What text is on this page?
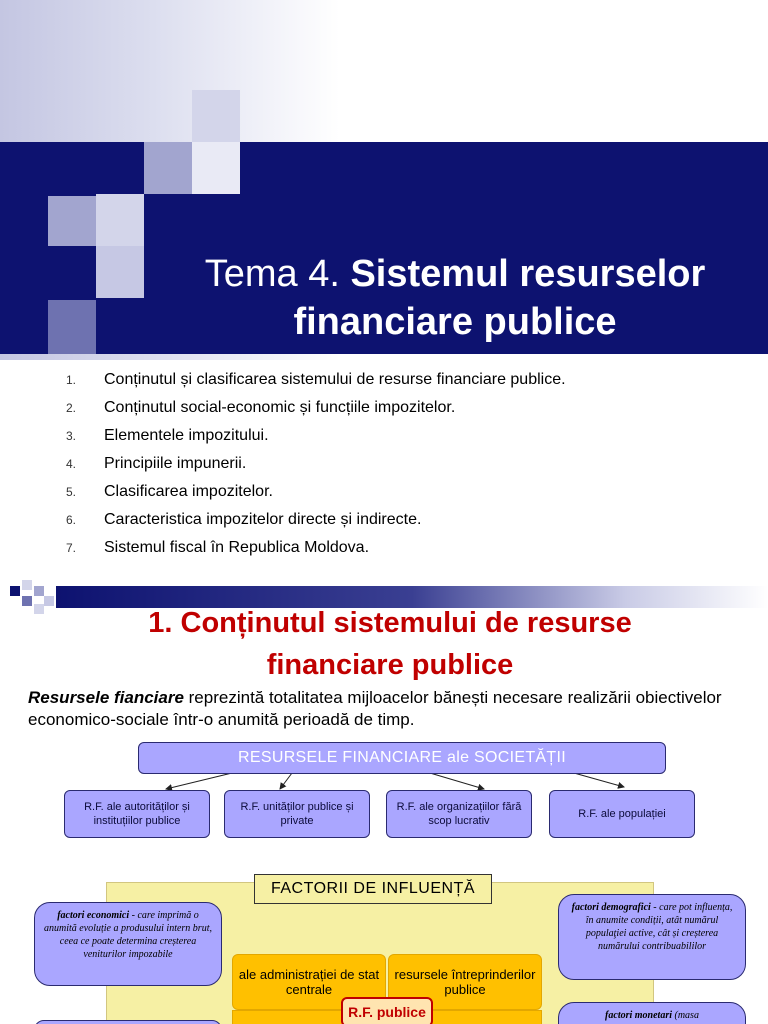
Tema 4. Sistemul resurselor
financiare publice
1.	Conținutul și clasificarea sistemului de resurse financiare publice.
2.	Conținutul social-economic și funcțiile impozitelor.
3.	Elementele impozitului.
4.	Principiile impunerii.
5.	Clasificarea impozitelor.
6.	Caracteristica impozitelor directe și indirecte.
7.	Sistemul fiscal în Republica Moldova.
1. Conținutul sistemului de resurse
financiare publice
Resursele fianciare reprezintă totalitatea mijloacelor bănești necesare realizării obiectivelor economico-sociale într-o anumită perioadă de timp.
RESURSELE FINANCIARE ale SOCIETĂȚII
R.F. ale autorităților și instituțiilor publice
R.F. unităților publice și private
R.F. ale organizațiilor fără scop lucrativ
R.F. ale populației
FACTORII DE INFLUENȚĂ
factori economici - care imprimă o anumită evoluție a produsului intern brut, ceea ce poate determina creșterea veniturilor impozabile
factori demografici - care pot influența, în anumite condiții, atât numărul populaţiei active, cât și creșterea numărului contribuabililor
factori monetari (masa
ale administrației de stat centrale
resursele întreprinderilor publice
R.F. publice
